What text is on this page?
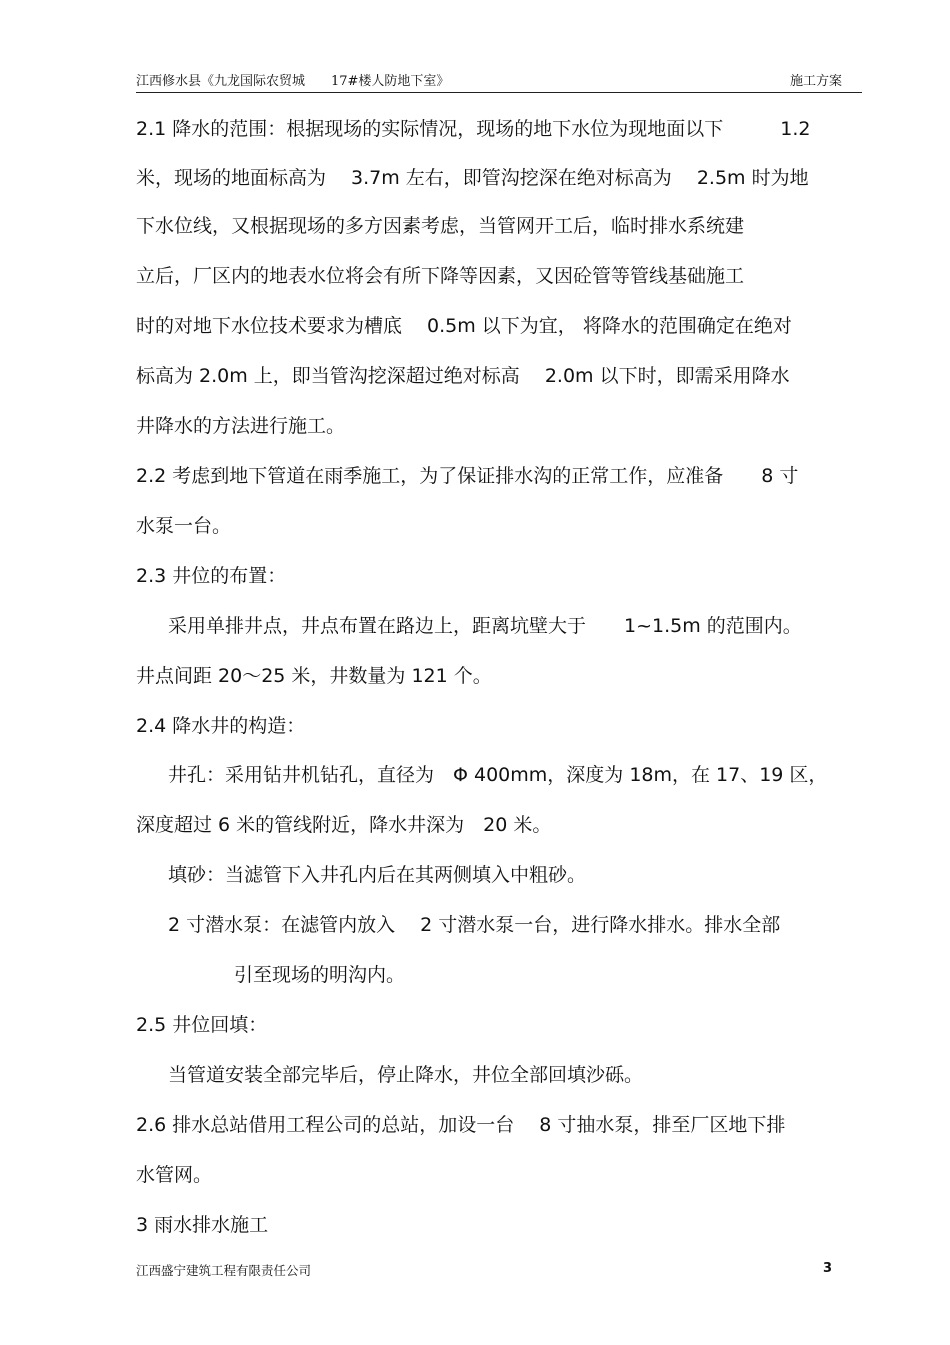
江西修水县《九龙国际农贸城　　17#楼人防地下室》	施工方案
2.1 降水的范围：根据现场的实际情况，现场的地下水位为现地面以下　　　1.2
米，现场的地面标高为　 3.7m 左右，即管沟挖深在绝对标高为　 2.5m 时为地
下水位线，又根据现场的多方因素考虑，当管网开工后，临时排水系统建
立后，厂区内的地表水位将会有所下降等因素，又因砼管等管线基础施工
时的对地下水位技术要求为槽底　 0.5m 以下为宜， 将降水的范围确定在绝对
标高为 2.0m 上，即当管沟挖深超过绝对标高　 2.0m 以下时，即需采用降水
井降水的方法进行施工。
2.2 考虑到地下管道在雨季施工，为了保证排水沟的正常工作，应准备　　8 寸
水泵一台。
2.3 井位的布置：
采用单排井点，井点布置在路边上，距离坑壁大于　　1~1.5m 的范围内。
井点间距 20～25 米，井数量为 121 个。
2.4 降水井的构造：
井孔：采用钻井机钻孔，直径为　Φ 400mm，深度为 18m，在 17、19 区，
深度超过 6 米的管线附近，降水井深为　20 米。
填砂：当滤管下入井孔内后在其两侧填入中粗砂。
2 寸潜水泵：在滤管内放入　 2 寸潜水泵一台，进行降水排水。排水全部
引至现场的明沟内。
2.5 井位回填：
当管道安装全部完毕后，停止降水，井位全部回填沙砾。
2.6 排水总站借用工程公司的总站，加设一台　 8 寸抽水泵，排至厂区地下排
水管网。
3 雨水排水施工
江西盛宁建筑工程有限责任公司	3
